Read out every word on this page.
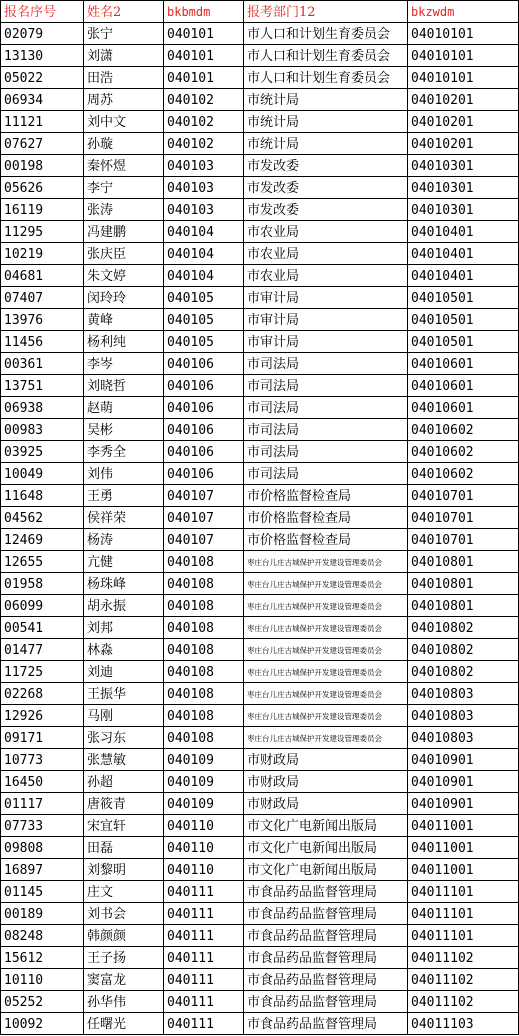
报名序号	姓名2	bkbmdm	报考部门12	bkzwdm
02079	张宁	040101	市人口和计划生育委员会	04010101
13130	刘潇	040101	市人口和计划生育委员会	04010101
05022	田浩	040101	市人口和计划生育委员会	04010101
06934	周苏	040102	市统计局	04010201
11121	刘中文	040102	市统计局	04010201
07627	孙璇	040102	市统计局	04010201
00198	秦怀煜	040103	市发改委	04010301
05626	李宁	040103	市发改委	04010301
16119	张涛	040103	市发改委	04010301
11295	冯建鹏	040104	市农业局	04010401
10219	张庆臣	040104	市农业局	04010401
04681	朱文婷	040104	市农业局	04010401
07407	闵玲玲	040105	市审计局	04010501
13976	黄峰	040105	市审计局	04010501
11456	杨利纯	040105	市审计局	04010501
00361	李岑	040106	市司法局	04010601
13751	刘晓哲	040106	市司法局	04010601
06938	赵萌	040106	市司法局	04010601
00983	吴彬	040106	市司法局	04010602
03925	李秀全	040106	市司法局	04010602
10049	刘伟	040106	市司法局	04010602
11648	王勇	040107	市价格监督检查局	04010701
04562	侯祥荣	040107	市价格监督检查局	04010701
12469	杨涛	040107	市价格监督检查局	04010701
12655	亢健	040108	枣庄台儿庄古城保护开发建设管理委员会	04010801
01958	杨珠峰	040108	枣庄台儿庄古城保护开发建设管理委员会	04010801
06099	胡永振	040108	枣庄台儿庄古城保护开发建设管理委员会	04010801
00541	刘邦	040108	枣庄台儿庄古城保护开发建设管理委员会	04010802
01477	林淼	040108	枣庄台儿庄古城保护开发建设管理委员会	04010802
11725	刘迪	040108	枣庄台儿庄古城保护开发建设管理委员会	04010802
02268	王振华	040108	枣庄台儿庄古城保护开发建设管理委员会	04010803
12926	马刚	040108	枣庄台儿庄古城保护开发建设管理委员会	04010803
09171	张习东	040108	枣庄台儿庄古城保护开发建设管理委员会	04010803
10773	张慧敏	040109	市财政局	04010901
16450	孙超	040109	市财政局	04010901
01117	唐筱青	040109	市财政局	04010901
07733	宋宜轩	040110	市文化广电新闻出版局	04011001
09808	田磊	040110	市文化广电新闻出版局	04011001
16897	刘黎明	040110	市文化广电新闻出版局	04011001
01145	庄文	040111	市食品药品监督管理局	04011101
00189	刘书会	040111	市食品药品监督管理局	04011101
08248	韩颜颜	040111	市食品药品监督管理局	04011101
15612	王子扬	040111	市食品药品监督管理局	04011102
10110	窦富龙	040111	市食品药品监督管理局	04011102
05252	孙华伟	040111	市食品药品监督管理局	04011102
10092	任曙光	040111	市食品药品监督管理局	04011103
